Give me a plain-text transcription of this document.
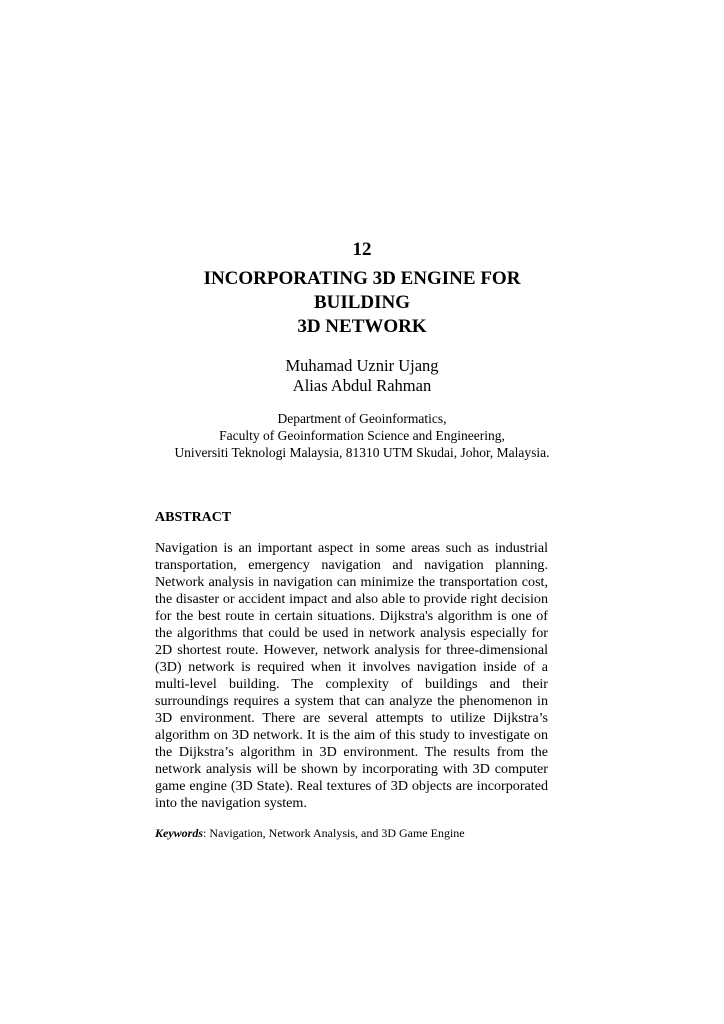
12
INCORPORATING 3D ENGINE FOR
BUILDING
3D NETWORK
Muhamad Uznir Ujang
Alias Abdul Rahman
Department of Geoinformatics,
Faculty of Geoinformation Science and Engineering,
Universiti Teknologi Malaysia, 81310 UTM Skudai, Johor, Malaysia.
ABSTRACT

Navigation is an important aspect in some areas such as industrial transportation, emergency navigation and navigation planning. Network analysis in navigation can minimize the transportation cost, the disaster or accident impact and also able to provide right decision for the best route in certain situations. Dijkstra's algorithm is one of the algorithms that could be used in network analysis especially for 2D shortest route. However, network analysis for three-dimensional (3D) network is required when it involves navigation inside of a multi-level building. The complexity of buildings and their surroundings requires a system that can analyze the phenomenon in 3D environment. There are several attempts to utilize Dijkstra’s algorithm on 3D network. It is the aim of this study to investigate on the Dijkstra’s algorithm in 3D environment. The results from the network analysis will be shown by incorporating with 3D computer game engine (3D State). Real textures of 3D objects are incorporated into the navigation system.

Keywords: Navigation, Network Analysis, and 3D Game Engine
